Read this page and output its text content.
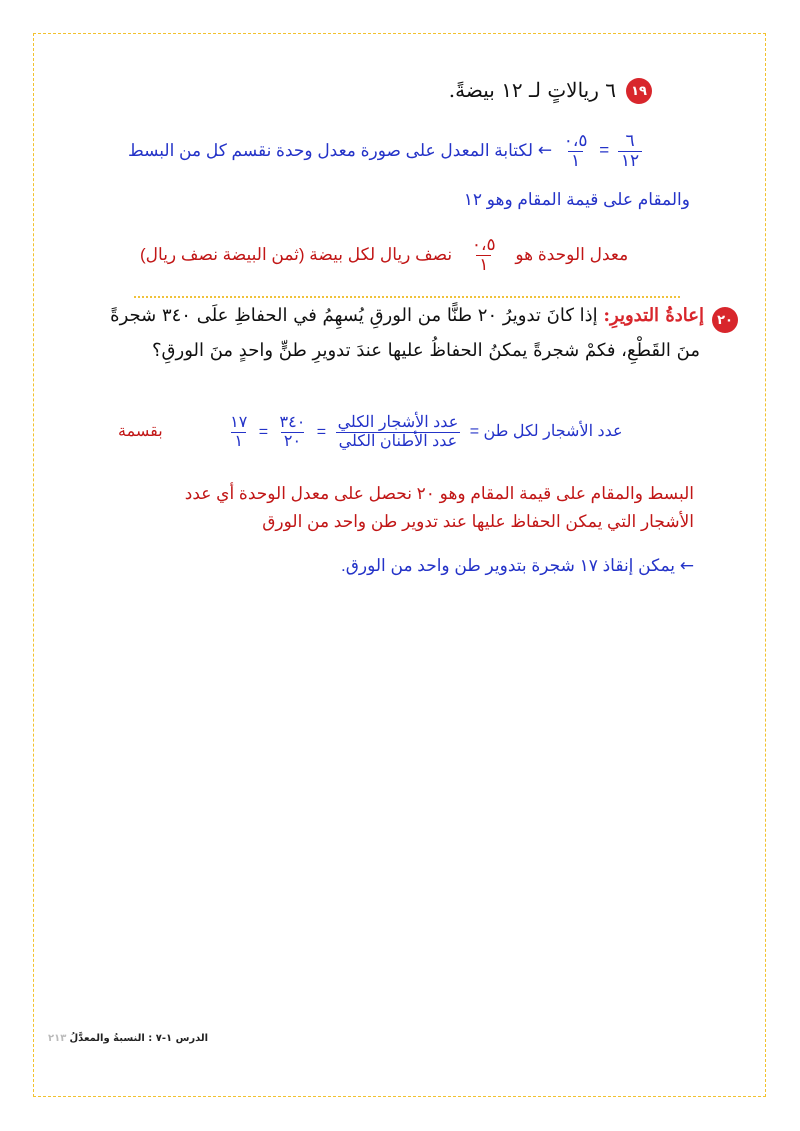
١٩
٦ ريالاتٍ لـ ١٢ بيضةً.
لكتابة المعدل على صورة معدل وحدة نقسم كل من البسط ← $\frac{٠،٥}{١} = \frac{٦}{١٢}$
والمقام على قيمة المقام وهو ١٢
نصف ريال لكل بيضة (ثمن البيضة نصف ريال) $\frac{٠،٥}{١}$ معدل الوحدة هو
٢٠
إعادةُ التدويرِ: إذا كانَ تدويرُ ٢٠ طنًّا من الورقِ يُسهِمُ في الحفاظِ علَى ٣٤٠ شجرةً
منَ القَطْعِ، فكمْ شجرةً يمكنُ الحفاظُ عليها عندَ تدويرِ طنٍّ واحدٍ منَ الورقِ؟
بقسمة	$\frac{١٧}{١} = \frac{٣٤٠}{٢٠} = \frac{\text{عدد الأشجار الكلي}}{\text{عدد الأطنان الكلي}}$ عدد الأشجار لكل طن =
البسط والمقام على قيمة المقام وهو ٢٠ نحصل على معدل الوحدة أي عدد
الأشجار التي يمكن الحفاظ عليها عند تدوير طن واحد من الورق
← يمكن إنقاذ ١٧ شجرة بتدوير طن واحد من الورق.
الدرس ١-٧ : النسبةُ والمعدَّلُ ٢١٣
